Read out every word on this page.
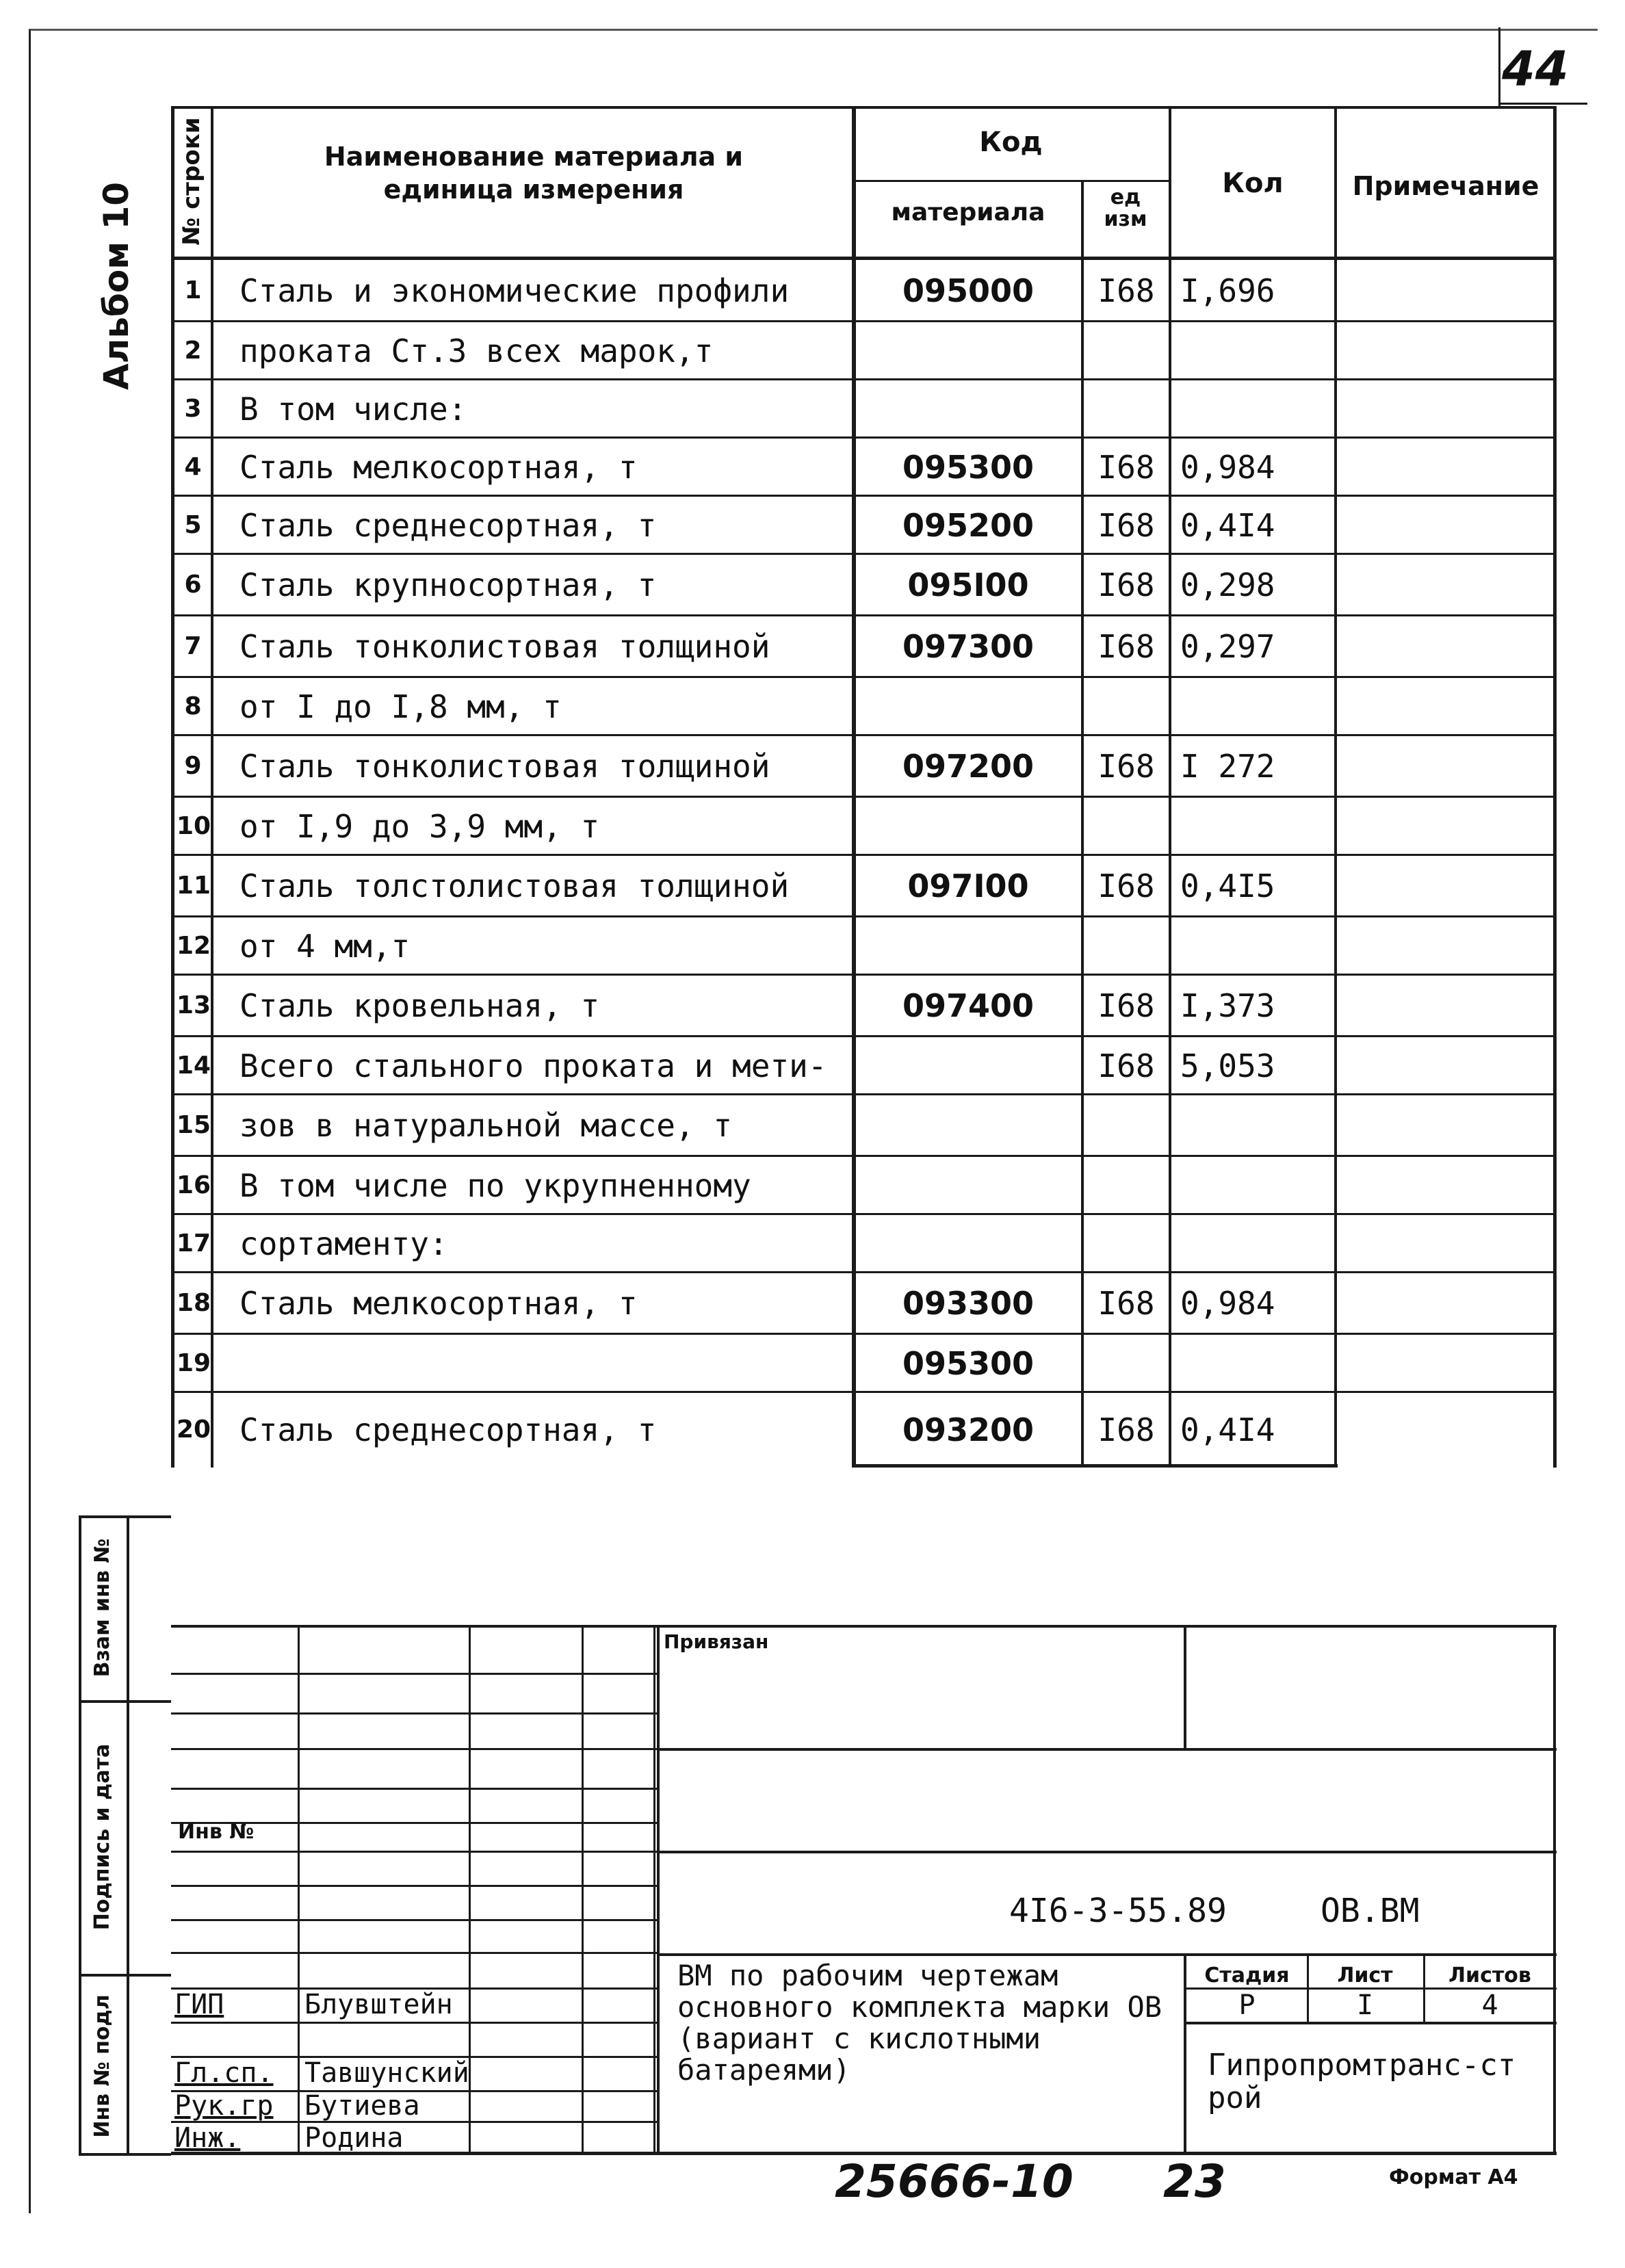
44
Альбом 10
№ строки	Наименование материала и единица измерения
Код
материала
ед изм
Кол	Примечание
1 Сталь и экономические профили	095000	I68 I,696
2 проката Ст.3 всех марок,т
3 В том числе:
4 Сталь мелкосортная, т	095300	I68 0,984
5 Сталь среднесортная, т	095200	I68 0,4I4
6 Сталь крупносортная, т	095I00	I68 0,298
7 Сталь тонколистовая толщиной	097300	I68 0,297
8 от I до I,8 мм, т
9 Сталь тонколистовая толщиной	097200	I68 I 272
10 от I,9 до 3,9 мм, т
11 Сталь толстолистовая толщиной	097I00	I68 0,4I5
12 от 4 мм,т
13 Сталь кровельная, т	097400	I68 I,373
14 Всего стального проката и мети-	I68 5,053
15 зов в натуральной массе, т
16 В том числе по укрупненному
17 сортаменту:
18 Сталь мелкосортная, т	093300	I68 0,984
19	095300
20 Сталь среднесортная, т	093200	I68 0,4I4
Взам инв №
Подпись и дата
Инв № подл
Привязан
Инв №
4I6-3-55.89	ОВ.ВМ
ГИП	Блувштейн
Гл.сп. Тавшунский
Рук.гр Бутиева
Инж. Родина
ВМ по рабочим чертежам основного комплекта марки ОВ (вариант с кислотными батареями)
Стадия	Лист	Листов
Р	I	4
Гипропромтранс-строй
25666-10 23	Формат А4
